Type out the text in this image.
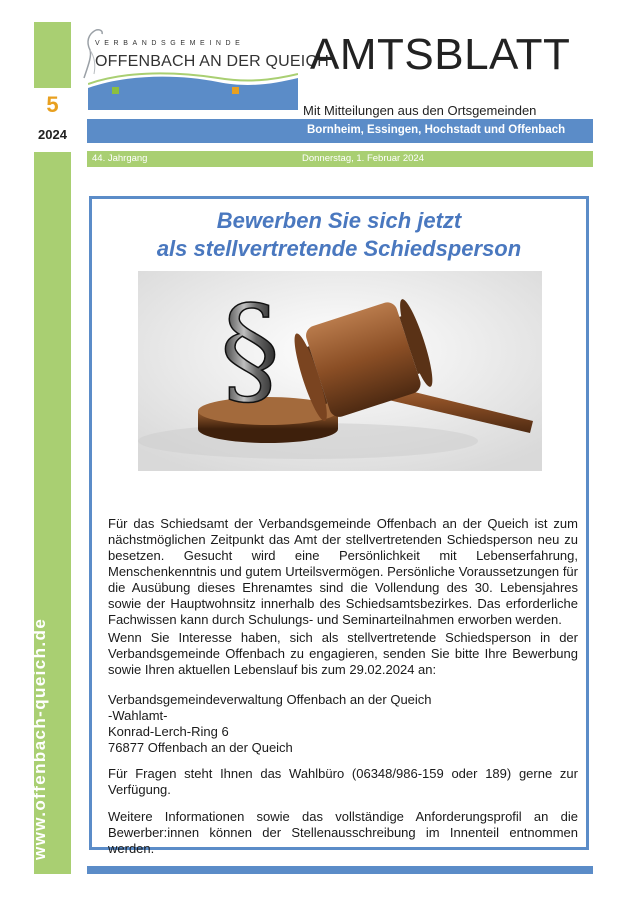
5
2024
www.offenbach-queich.de
VERBANDSGEMEINDE
OFFENBACH AN DER QUEICH
AMTSBLATT
Mit Mitteilungen aus den Ortsgemeinden
Bornheim, Essingen, Hochstadt und Offenbach
44. Jahrgang	Donnerstag, 1. Februar 2024
Bewerben Sie sich jetzt
als stellvertretende Schiedsperson
§
Für das Schiedsamt der Verbandsgemeinde Offenbach an der Queich ist zum nächstmöglichen Zeitpunkt das Amt der stellvertretenden Schiedsperson neu zu besetzen. Gesucht wird eine Persönlichkeit mit Lebenserfahrung, Menschenkenntnis und gutem Urteilsvermögen. Persönliche Voraussetzungen für die Ausübung dieses Ehrenamtes sind die Vollendung des 30. Lebensjahres sowie der Hauptwohnsitz innerhalb des Schiedsamtsbezirkes. Das erforderliche Fachwissen kann durch Schulungs- und Seminarteilnahmen erworben werden.
Wenn Sie Interesse haben, sich als stellvertretende Schiedsperson in der Verbandsgemeinde Offenbach zu engagieren, senden Sie bitte Ihre Bewerbung sowie Ihren aktuellen Lebenslauf bis zum 29.02.2024 an:
Verbandsgemeindeverwaltung Offenbach an der Queich
-Wahlamt-
Konrad-Lerch-Ring 6
76877 Offenbach an der Queich
Für Fragen steht Ihnen das Wahlbüro (06348/986-159 oder 189) gerne zur Verfügung.
Weitere Informationen sowie das vollständige Anforderungsprofil an die Bewerber:innen können der Stellenausschreibung im Innenteil entnommen werden.
